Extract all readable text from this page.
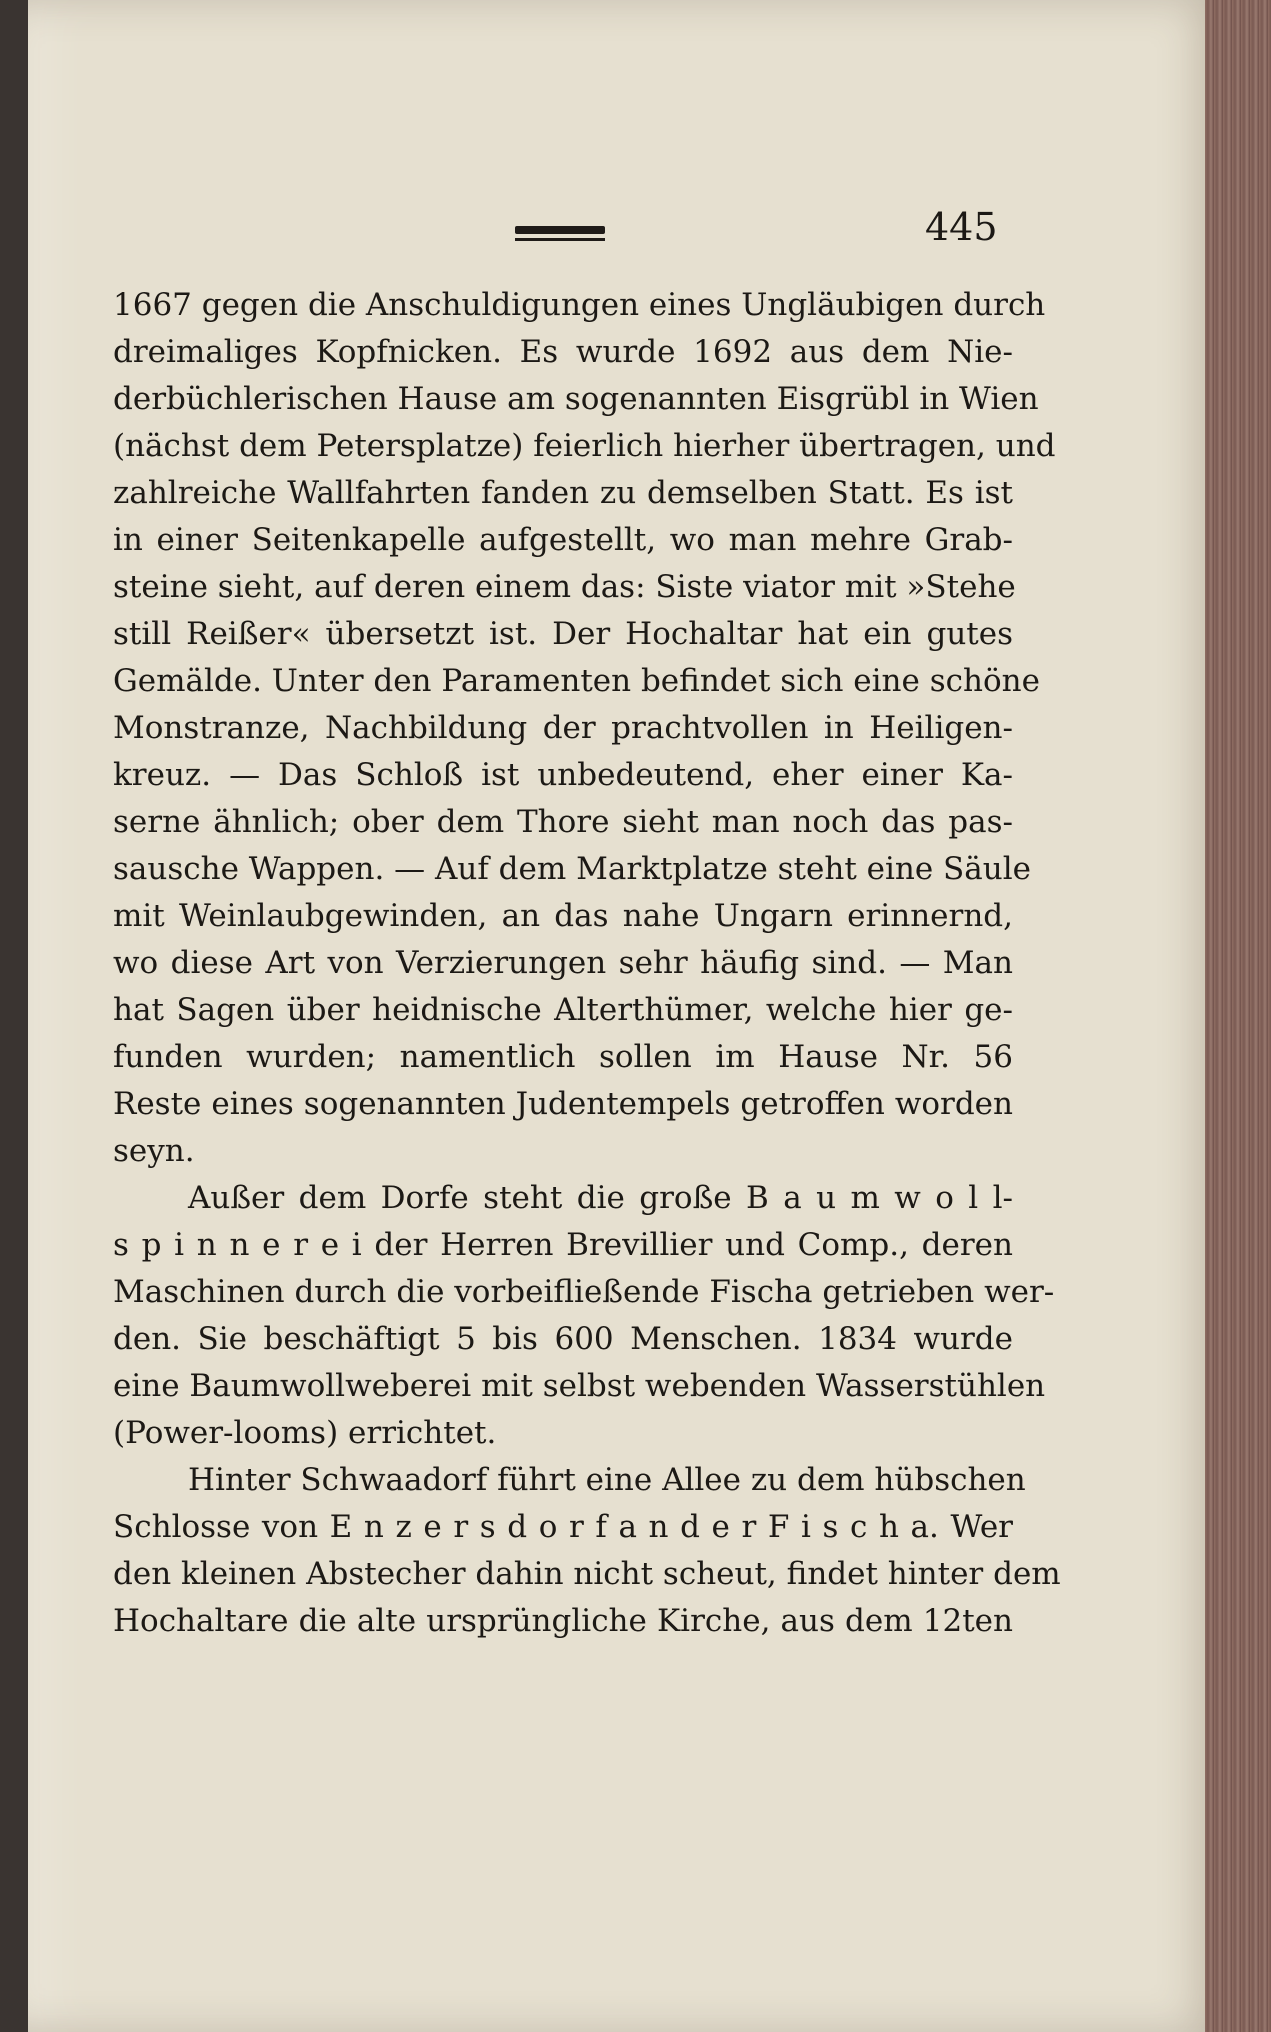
445
1667 gegen die Anschuldigungen eines Ungläubigen durch
dreimaliges Kopfnicken. Es wurde 1692 aus dem Nie-
derbüchlerischen Hause am sogenannten Eisgrübl in Wien
(nächst dem Petersplatze) feierlich hierher übertragen, und
zahlreiche Wallfahrten fanden zu demselben Statt. Es ist
in einer Seitenkapelle aufgestellt, wo man mehre Grab-
steine sieht, auf deren einem das: Siste viator mit »Stehe
still Reißer« übersetzt ist. Der Hochaltar hat ein gutes
Gemälde. Unter den Paramenten befindet sich eine schöne
Monstranze, Nachbildung der prachtvollen in Heiligen-
kreuz. — Das Schloß ist unbedeutend, eher einer Ka-
serne ähnlich; ober dem Thore sieht man noch das pas-
sausche Wappen. — Auf dem Marktplatze steht eine Säule
mit Weinlaubgewinden, an das nahe Ungarn erinnernd,
wo diese Art von Verzierungen sehr häufig sind. — Man
hat Sagen über heidnische Alterthümer, welche hier ge-
funden wurden; namentlich sollen im Hause Nr. 56
Reste eines sogenannten Judentempels getroffen worden
seyn.
Außer dem Dorfe steht die große B a u m w o l l-
s p i n n e r e i der Herren Brevillier und Comp., deren
Maschinen durch die vorbeifließende Fischa getrieben wer-
den. Sie beschäftigt 5 bis 600 Menschen. 1834 wurde
eine Baumwollweberei mit selbst webenden Wasserstühlen
(Power-looms) errichtet.
Hinter Schwaadorf führt eine Allee zu dem hübschen
Schlosse von E n z e r s d o r f a n d e r F i s c h a. Wer
den kleinen Abstecher dahin nicht scheut, findet hinter dem
Hochaltare die alte ursprüngliche Kirche, aus dem 12ten
